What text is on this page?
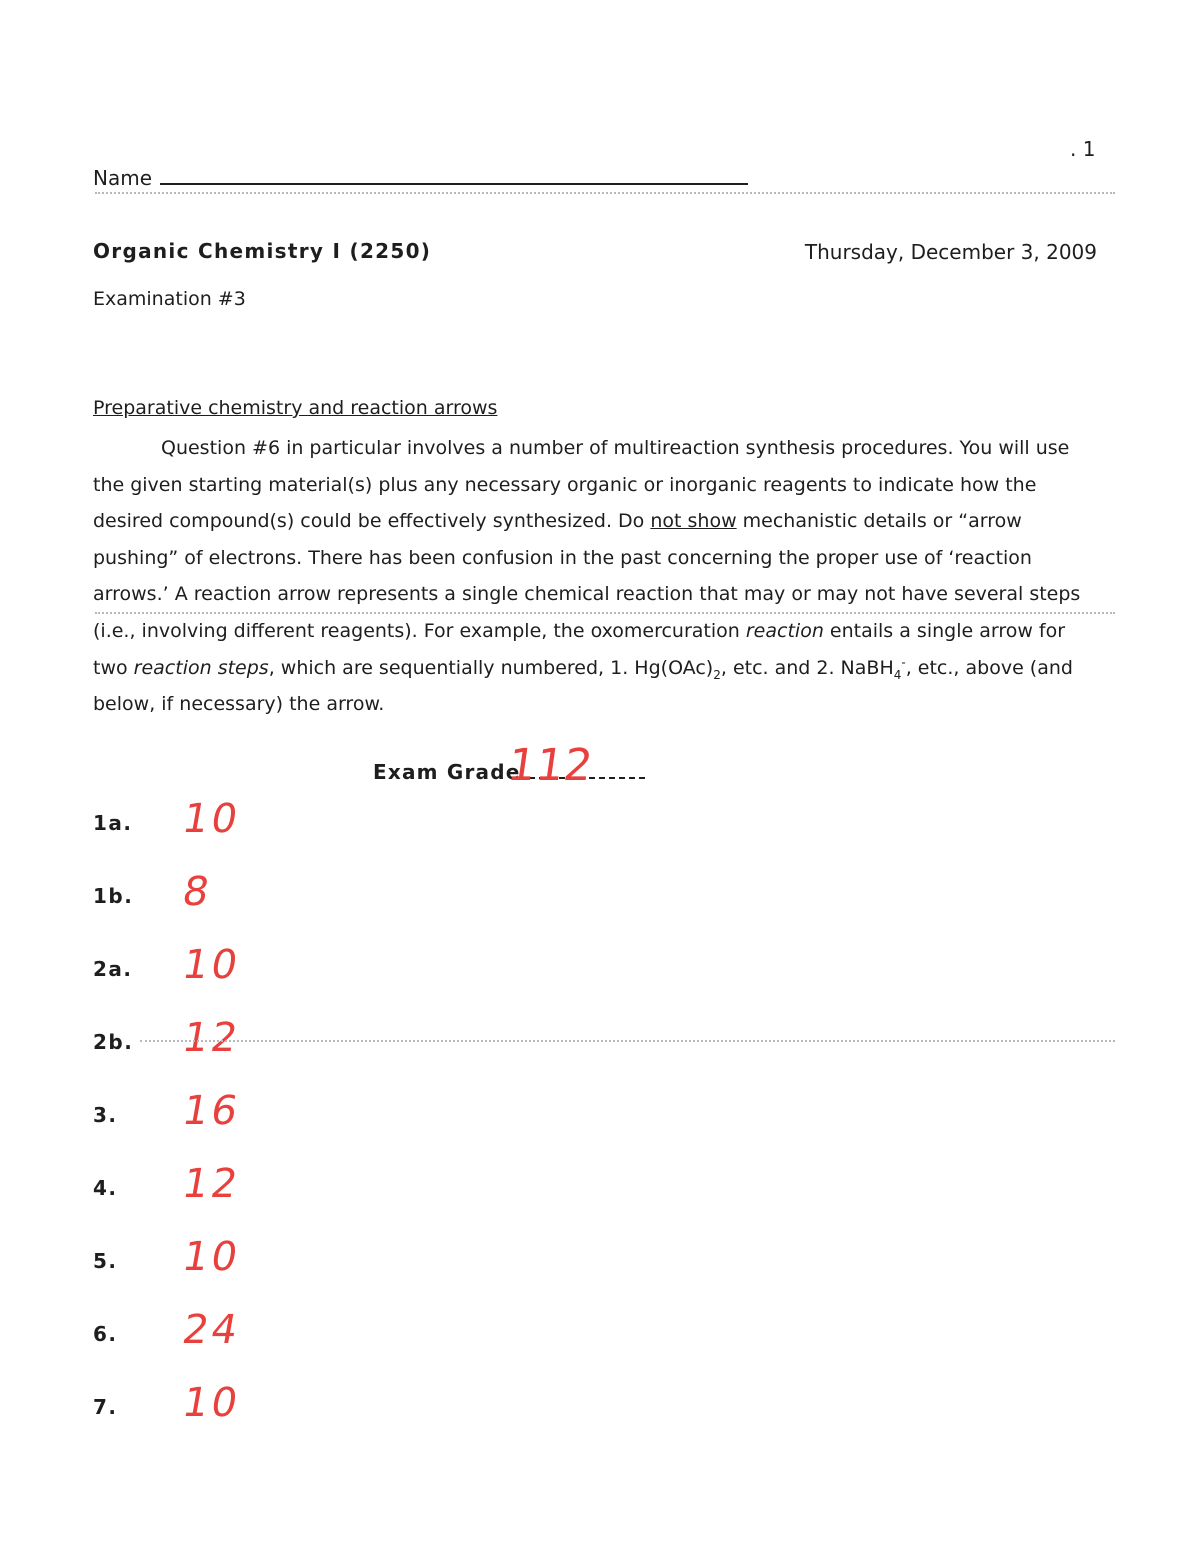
. 1
Name
Organic Chemistry I (2250)	Thursday, December 3, 2009
Examination #3
Preparative chemistry and reaction arrows

Question #6 in particular involves a number of multireaction synthesis procedures. You will use the given starting material(s) plus any necessary organic or inorganic reagents to indicate how the desired compound(s) could be effectively synthesized. Do not show mechanistic details or “arrow pushing” of electrons. There has been confusion in the past concerning the proper use of ‘reaction arrows.’ A reaction arrow represents a single chemical reaction that may or may not have several steps (i.e., involving different reagents). For example, the oxomercuration reaction entails a single arrow for two reaction steps, which are sequentially numbered, 1. $Hg(OAc)_2$, etc. and 2. NaBH$_4$-, etc., above (and below, if necessary) the arrow.

Exam Grade
112
1a. 10
1b. 8
2a. 10
2b. 12
3. 16
4. 12
5. 10
6. 24
7. 10
